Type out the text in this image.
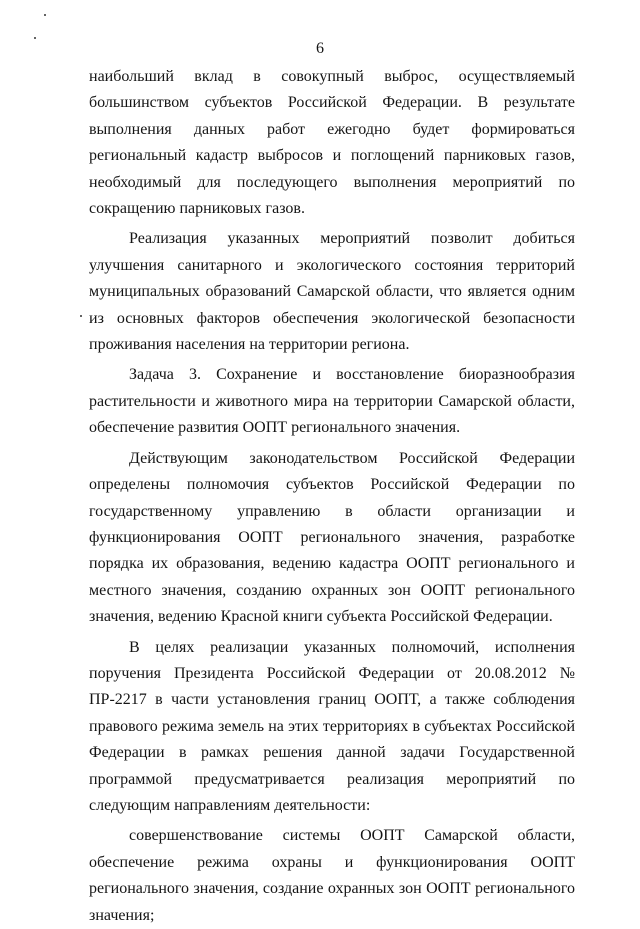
6

наибольший вклад в совокупный выброс, осуществляемый большинством субъектов Российской Федерации. В результате выполнения данных работ ежегодно будет формироваться региональный кадастр выбросов и поглощений парниковых газов, необходимый для последующего выполнения мероприятий по сокращению парниковых газов.

Реализация указанных мероприятий позволит добиться улучшения санитарного и экологического состояния территорий муниципальных образований Самарской области, что является одним из основных факторов обеспечения экологической безопасности проживания населения на территории региона.

Задача 3. Сохранение и восстановление биоразнообразия растительности и животного мира на территории Самарской области, обеспечение развития ООПТ регионального значения.

Действующим законодательством Российской Федерации определены полномочия субъектов Российской Федерации по государственному управлению в области организации и функционирования ООПТ регионального значения, разработке порядка их образования, ведению кадастра ООПТ регионального и местного значения, созданию охранных зон ООПТ регионального значения, ведению Красной книги субъекта Российской Федерации.

В целях реализации указанных полномочий, исполнения поручения Президента Российской Федерации от 20.08.2012 № ПР-2217 в части установления границ ООПТ, а также соблюдения правового режима земель на этих территориях в субъектах Российской Федерации в рамках решения данной задачи Государственной программой предусматривается реализация мероприятий по следующим направлениям деятельности:

совершенствование системы ООПТ Самарской области, обеспечение режима охраны и функционирования ООПТ регионального значения, создание охранных зон ООПТ регионального значения;
